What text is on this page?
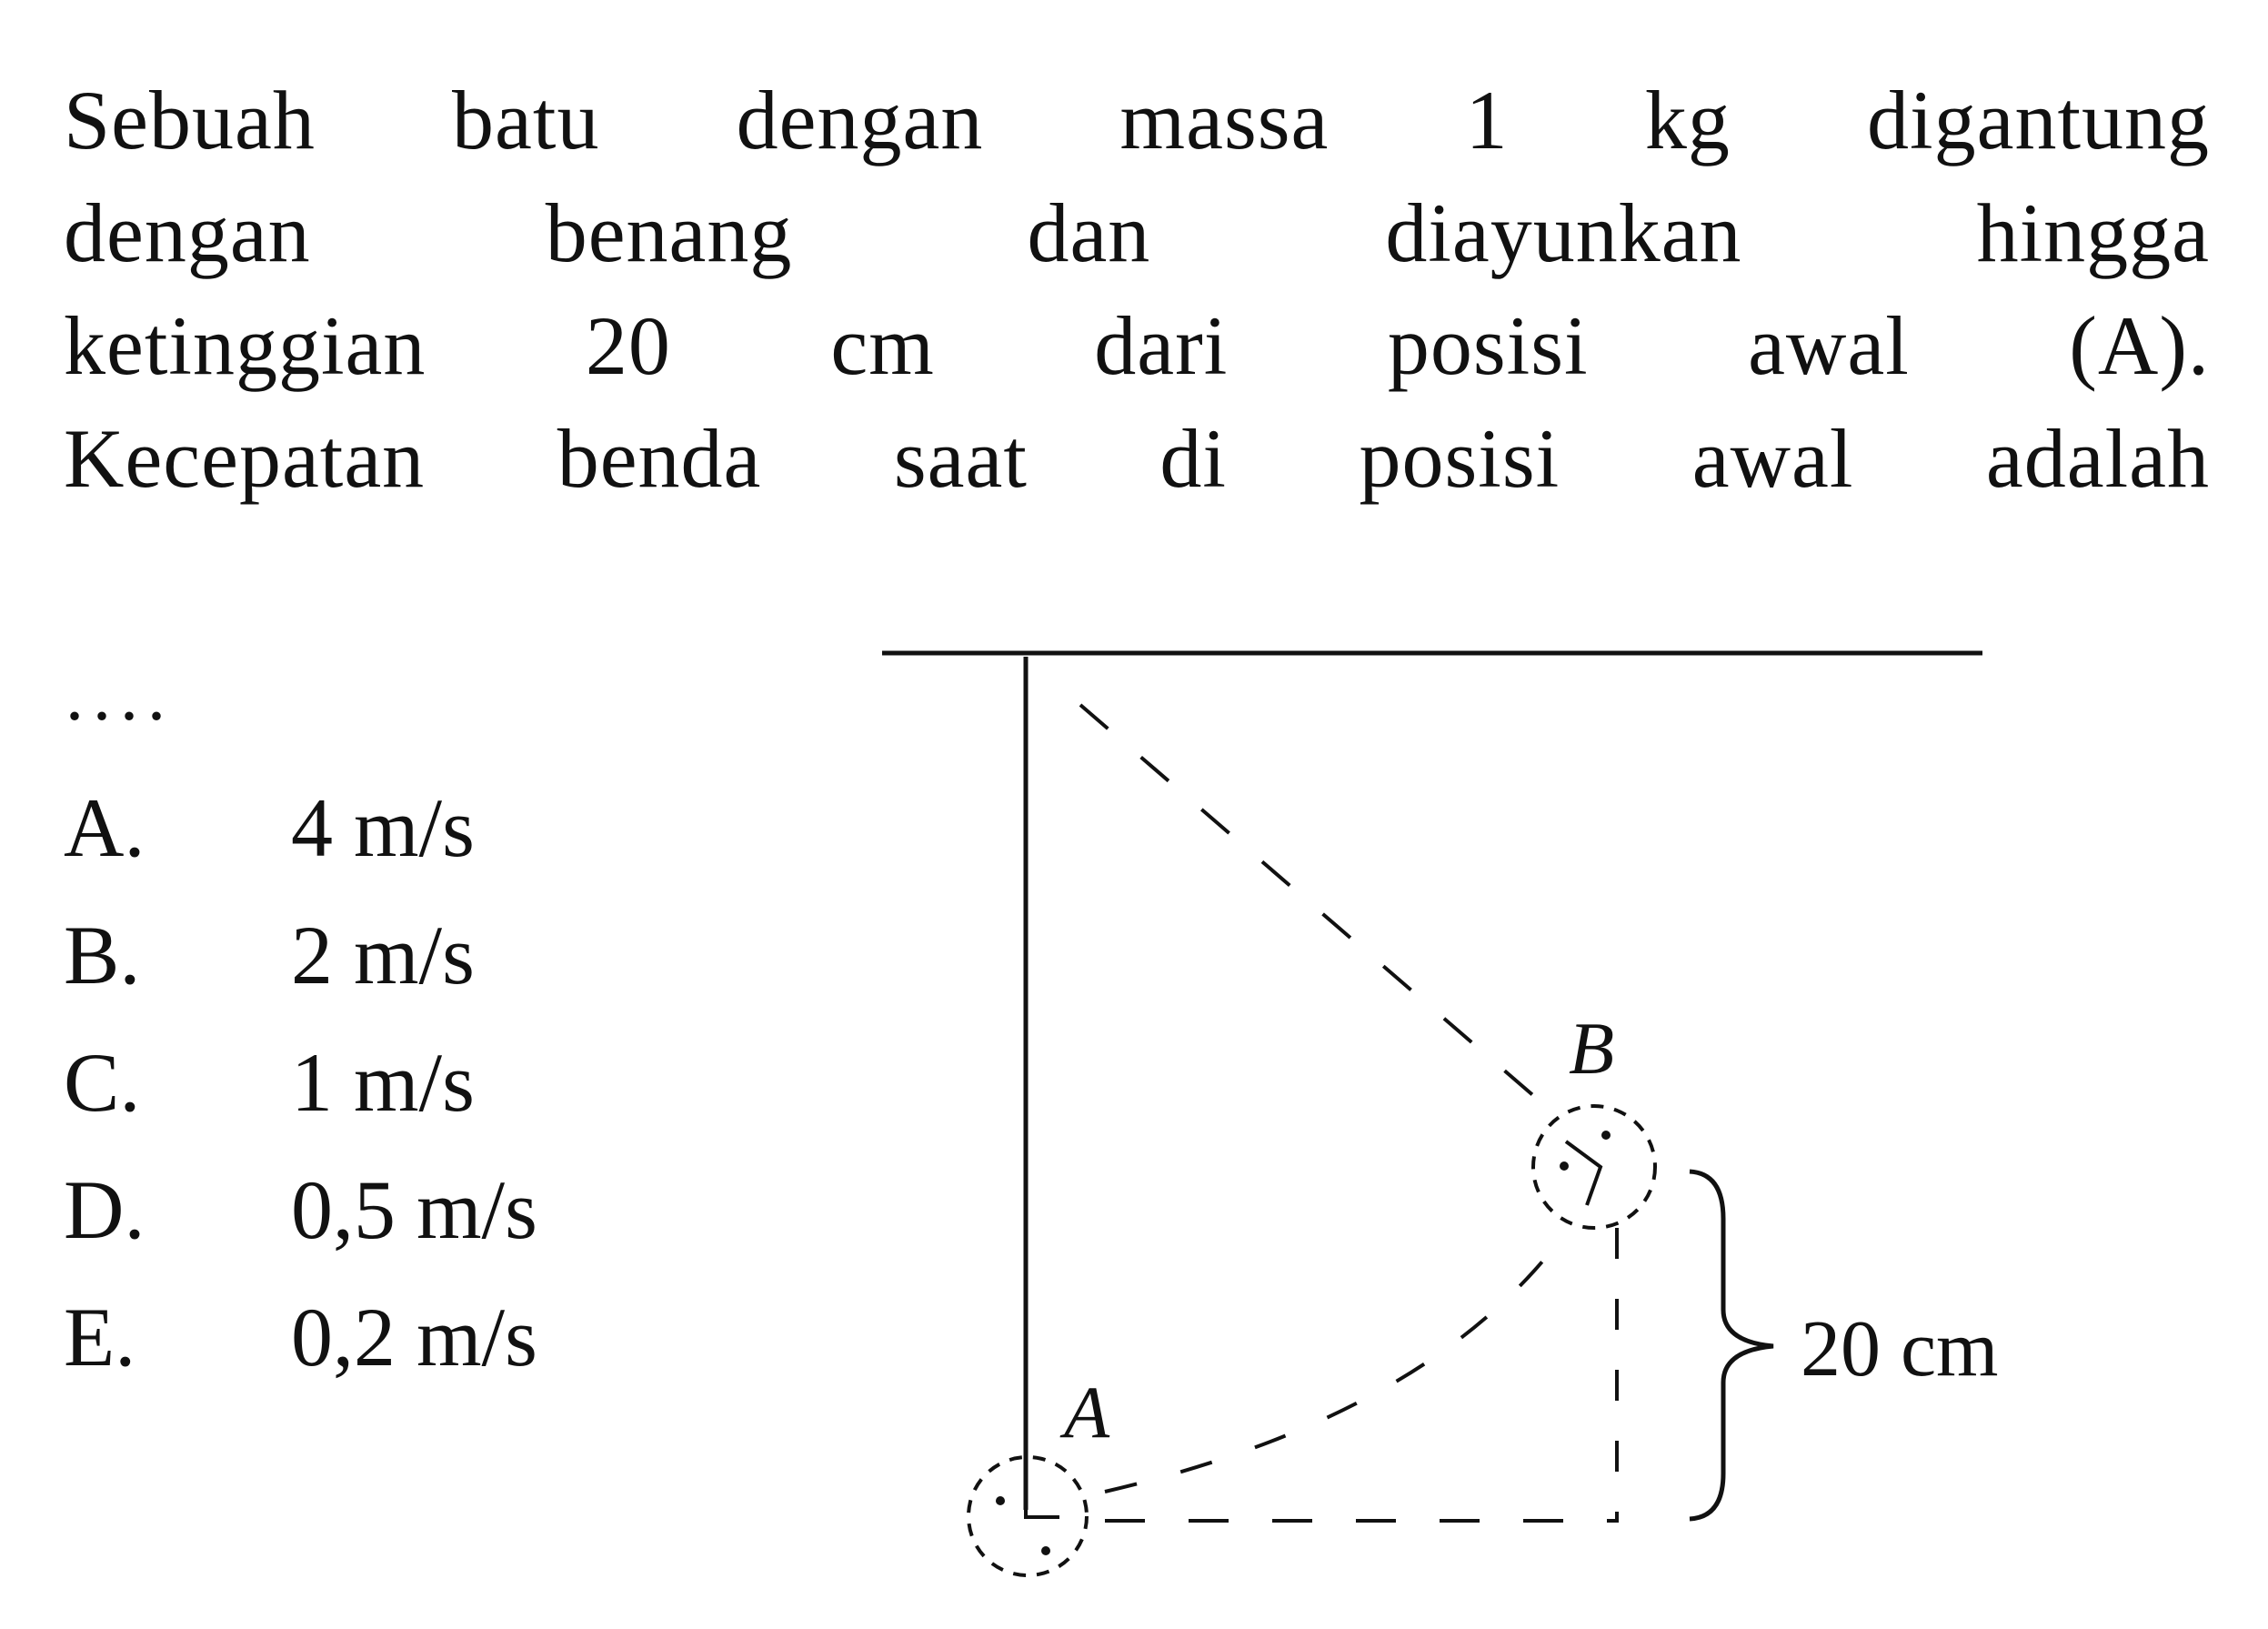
Sebuah batu dengan massa 1 kg digantung
dengan benang dan diayunkan hingga
ketinggian 20 cm dari posisi awal (A).
Kecepatan benda saat di posisi awal adalah
....
A.	4 m/s
B.	2 m/s
C.	1 m/s
D.	0,5 m/s
E.	0,2 m/s
B
A
20 cm
